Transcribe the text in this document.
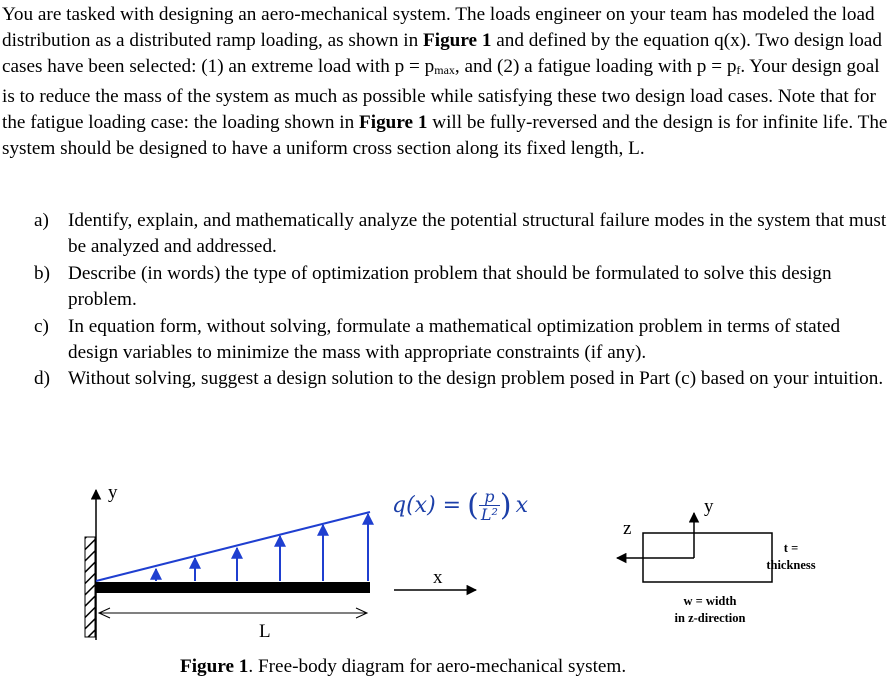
You are tasked with designing an aero-mechanical system. The loads engineer on your team has modeled the load distribution as a distributed ramp loading, as shown in Figure 1 and defined by the equation q(x). Two design load cases have been selected: (1) an extreme load with p = pmax, and (2) a fatigue loading with p = pf. Your design goal is to reduce the mass of the system as much as possible while satisfying these two design load cases. Note that for the fatigue loading case: the loading shown in Figure 1 will be fully-reversed and the design is for infinite life. The system should be designed to have a uniform cross section along its fixed length, L.
a) Identify, explain, and mathematically analyze the potential structural failure modes in the system that must be analyzed and addressed.
b) Describe (in words) the type of optimization problem that should be formulated to solve this design problem.
c) In equation form, without solving, formulate a mathematical optimization problem in terms of stated design variables to minimize the mass with appropriate constraints (if any).
d) Without solving, suggest a design solution to the design problem posed in Part (c) based on your intuition.
y
x
L
q(x) = ( $\frac{p}{\text{L²}}$ ) x	y
z
t =
thickness
w = width
in z-direction
Figure 1. Free-body diagram for aero-mechanical system.
